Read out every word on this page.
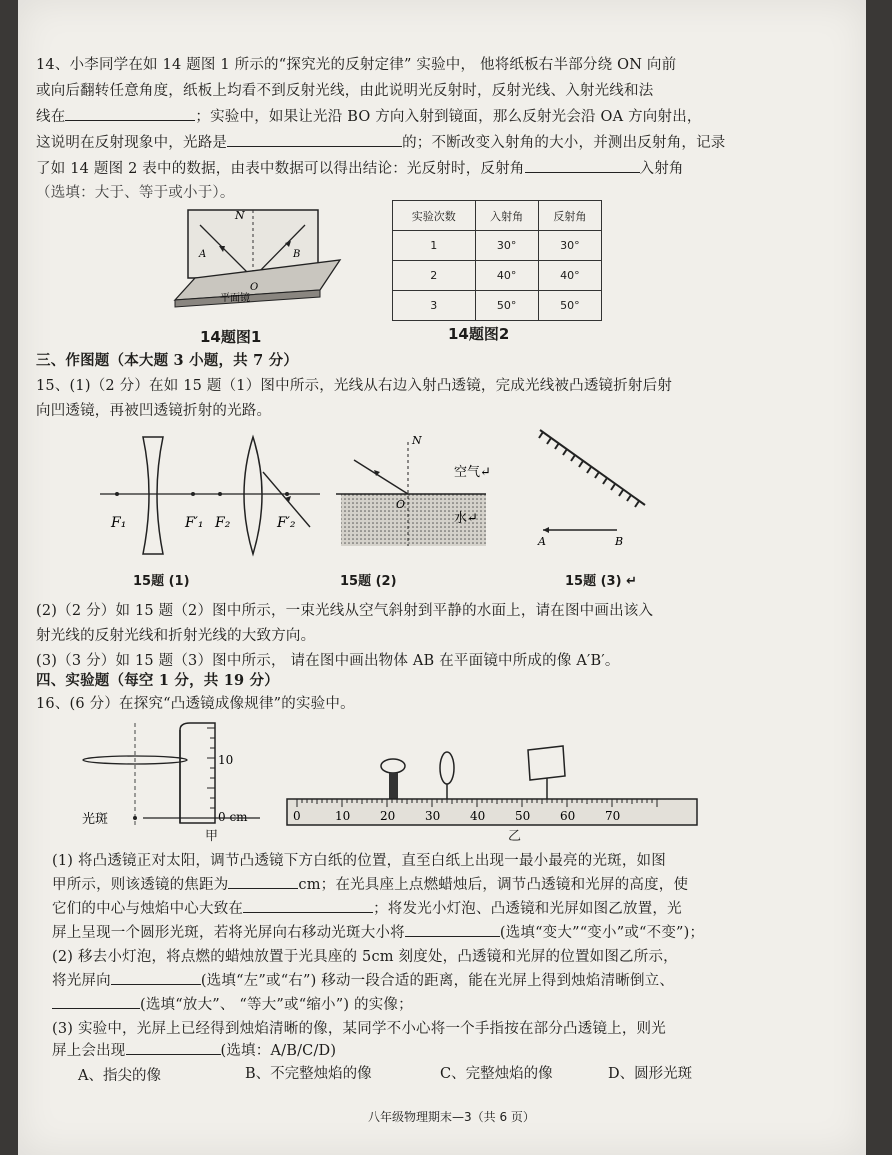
14、小李同学在如 14 题图 1 所示的“探究光的反射定律” 实验中， 他将纸板右半部分绕 ON 向前
或向后翻转任意角度，纸板上均看不到反射光线，由此说明光反射时，反射光线、入射光线和法
线在	；实验中，如果让光沿 BO 方向入射到镜面，那么反射光会沿 OA 方向射出，
这说明在反射现象中，光路是	的；不断改变入射角的大小，并测出反射角，记录
了如 14 题图 2 表中的数据，由表中数据可以得出结论：光反射时，反射角	入射角
（选填：大于、等于或小于）。
N
A	B
O
平面镜
14题图1
实验次数	入射角	反射角
1	30°	30°
2	40°	40°
3	50°	50°
14题图2
三、作图题（本大题 3 小题，共 7 分）
15、(1)（2 分）在如 15 题（1）图中所示，光线从右边入射凸透镜，完成光线被凸透镜折射后射
向凹透镜，再被凹透镜折射的光路。
F₁	F′₁ F₂	F′₂
N
O
空气↵
水↵
A	B
15题 (1)	15题 (2)	15题 (3) ↵
(2)（2 分）如 15 题（2）图中所示，一束光线从空气斜射到平静的水面上，请在图中画出该入
射光线的反射光线和折射光线的大致方向。
(3)（3 分）如 15 题（3）图中所示， 请在图中画出物体 AB 在平面镜中所成的像 A′B′。
四、实验题（每空 1 分，共 19 分）
16、(6 分）在探究“凸透镜成像规律”的实验中。
10
0 cm
光斑
甲
0	10 20 30 40 50 60 70
乙
(1) 将凸透镜正对太阳，调节凸透镜下方白纸的位置，直至白纸上出现一最小最亮的光斑，如图
甲所示，则该透镜的焦距为	cm；在光具座上点燃蜡烛后，调节凸透镜和光屏的高度，使
它们的中心与烛焰中心大致在	；将发光小灯泡、凸透镜和光屏如图乙放置，光
屏上呈现一个圆形光斑，若将光屏向右移动光斑大小将	(选填“变大”“变小”或“不变”)；
(2) 移去小灯泡，将点燃的蜡烛放置于光具座的 5cm 刻度处，凸透镜和光屏的位置如图乙所示，
将光屏向	(选填“左”或“右”) 移动一段合适的距离，能在光屏上得到烛焰清晰倒立、
(选填“放大”、 “等大”或“缩小”) 的实像；
(3) 实验中，光屏上已经得到烛焰清晰的像，某同学不小心将一个手指按在部分凸透镜上，则光
屏上会出现	(选填：A/B/C/D)
A、指尖的像	B、不完整烛焰的像	C、完整烛焰的像	D、圆形光斑
八年级物理期末—3（共 6 页）
